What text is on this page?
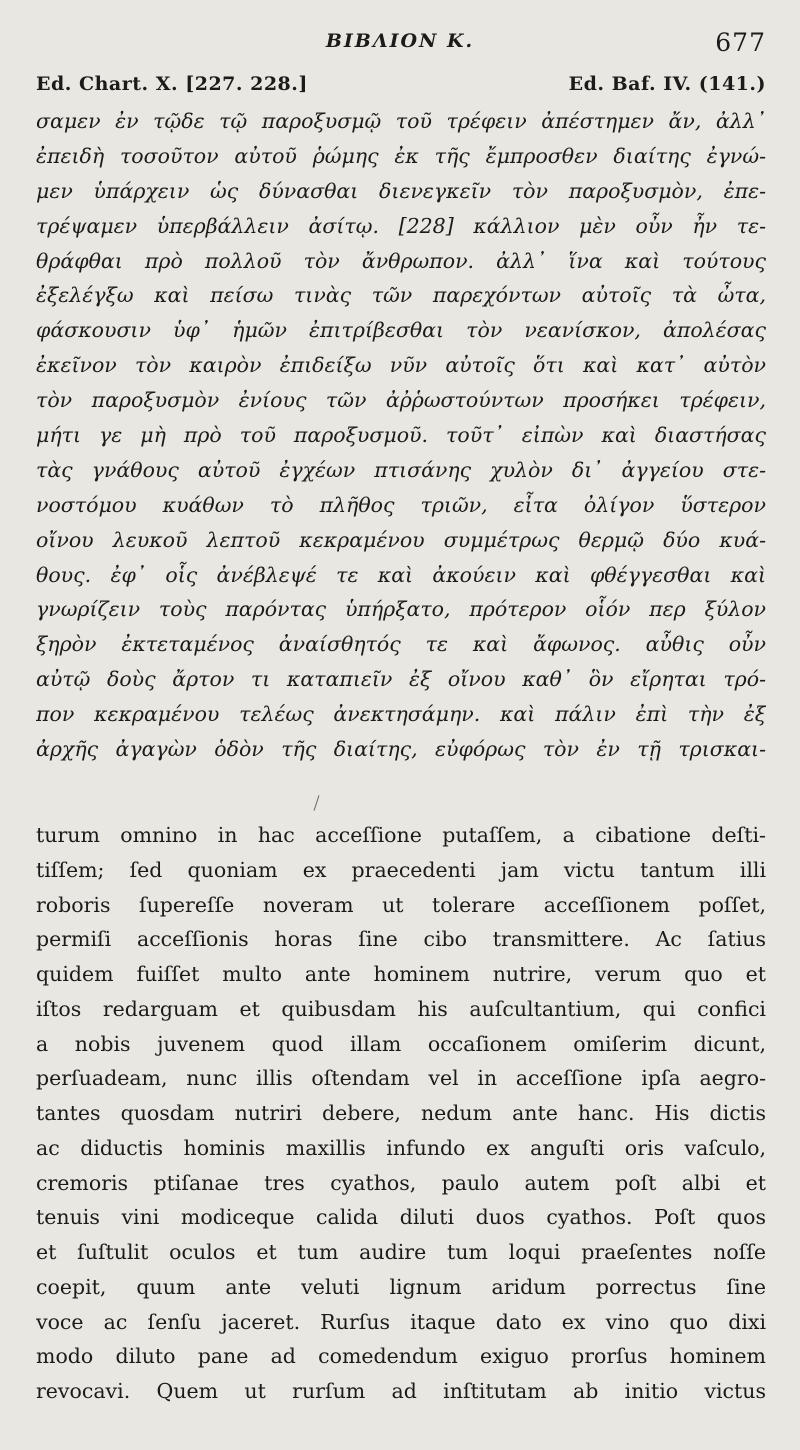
BIBΛΙΟΝ Κ.	677
Ed. Chart. X. [227. 228.]	Ed. Baf. IV. (141.)
σαμεν ἐν τῷδε τῷ παροξυσμῷ τοῦ τρέφειν ἀπέστημεν ἄν, ἀλλ᾽
ἐπειδὴ τοσοῦτον αὐτοῦ ῥώμης ἐκ τῆς ἔμπροσθεν διαίτης ἐγνώ-
μεν ὑπάρχειν ὡς δύνασθαι διενεγκεῖν τὸν παροξυσμὸν, ἐπε-
τρέψαμεν ὑπερβάλλειν ἀσίτῳ. [228] κάλλιον μὲν οὖν ἦν τε-
θράφθαι πρὸ πολλοῦ τὸν ἄνθρωπον. ἀλλ᾽ ἵνα καὶ τούτους
ἐξελέγξω καὶ πείσω τινὰς τῶν παρεχόντων αὐτοῖς τὰ ὦτα,
φάσκουσιν ὑφ᾽ ἡμῶν ἐπιτρίβεσθαι τὸν νεανίσκον, ἀπολέσας
ἐκεῖνον τὸν καιρὸν ἐπιδείξω νῦν αὐτοῖς ὅτι καὶ κατ᾽ αὐτὸν
τὸν παροξυσμὸν ἐνίους τῶν ἀῤῥωστούντων προσήκει τρέφειν,
μήτι γε μὴ πρὸ τοῦ παροξυσμοῦ. τοῦτ᾽ εἰπὼν καὶ διαστήσας
τὰς γνάθους αὐτοῦ ἐγχέων πτισάνης χυλὸν δι᾽ ἀγγείου στε-
νοστόμου κυάθων τὸ πλῆθος τριῶν, εἶτα ὀλίγον ὕστερον
οἴνου λευκοῦ λεπτοῦ κεκραμένου συμμέτρως θερμῷ δύο κυά-
θους. ἐφ᾽ οἷς ἀνέβλεψέ τε καὶ ἀκούειν καὶ φθέγγεσθαι καὶ
γνωρίζειν τοὺς παρόντας ὑπήρξατο, πρότερον οἷόν περ ξύλον
ξηρὸν ἐκτεταμένος ἀναίσθητός τε καὶ ἄφωνος. αὖθις οὖν
αὐτῷ δοὺς ἄρτον τι καταπιεῖν ἐξ οἴνου καθ᾽ ὃν εἴρηται τρό-
πον κεκραμένου τελέως ἀνεκτησάμην. καὶ πάλιν ἐπὶ τὴν ἐξ
ἀρχῆς ἀγαγὼν ὁδὸν τῆς διαίτης, εὐφόρως τὸν ἐν τῇ τρισκαι-
turum omnino in hac acceſſione putaſſem, a cibatione deſti-
tiſſem; ſed quoniam ex praecedenti jam victu tantum illi
roboris ſupereſſe noveram ut tolerare acceſſionem poſſet,
permiſi acceſſionis horas ſine cibo transmittere. Ac ſatius
quidem fuiſſet multo ante hominem nutrire, verum quo et
iſtos redarguam et quibusdam his auſcultantium, qui confici
a nobis juvenem quod illam occaſionem omiſerim dicunt,
perſuadeam, nunc illis oſtendam vel in acceſſione ipſa aegro-
tantes quosdam nutriri debere, nedum ante hanc. His dictis
ac diductis hominis maxillis infundo ex anguſti oris vaſculo,
cremoris ptiſanae tres cyathos, paulo autem poſt albi et
tenuis vini modiceque calida diluti duos cyathos. Poſt quos
et ſuſtulit oculos et tum audire tum loqui praeſentes noſſe
coepit, quum ante veluti lignum aridum porrectus ſine
voce ac ſenſu jaceret. Rurſus itaque dato ex vino quo dixi
modo diluto pane ad comedendum exiguo prorſus hominem
revocavi. Quem ut rurſum ad inſtitutam ab initio victus
